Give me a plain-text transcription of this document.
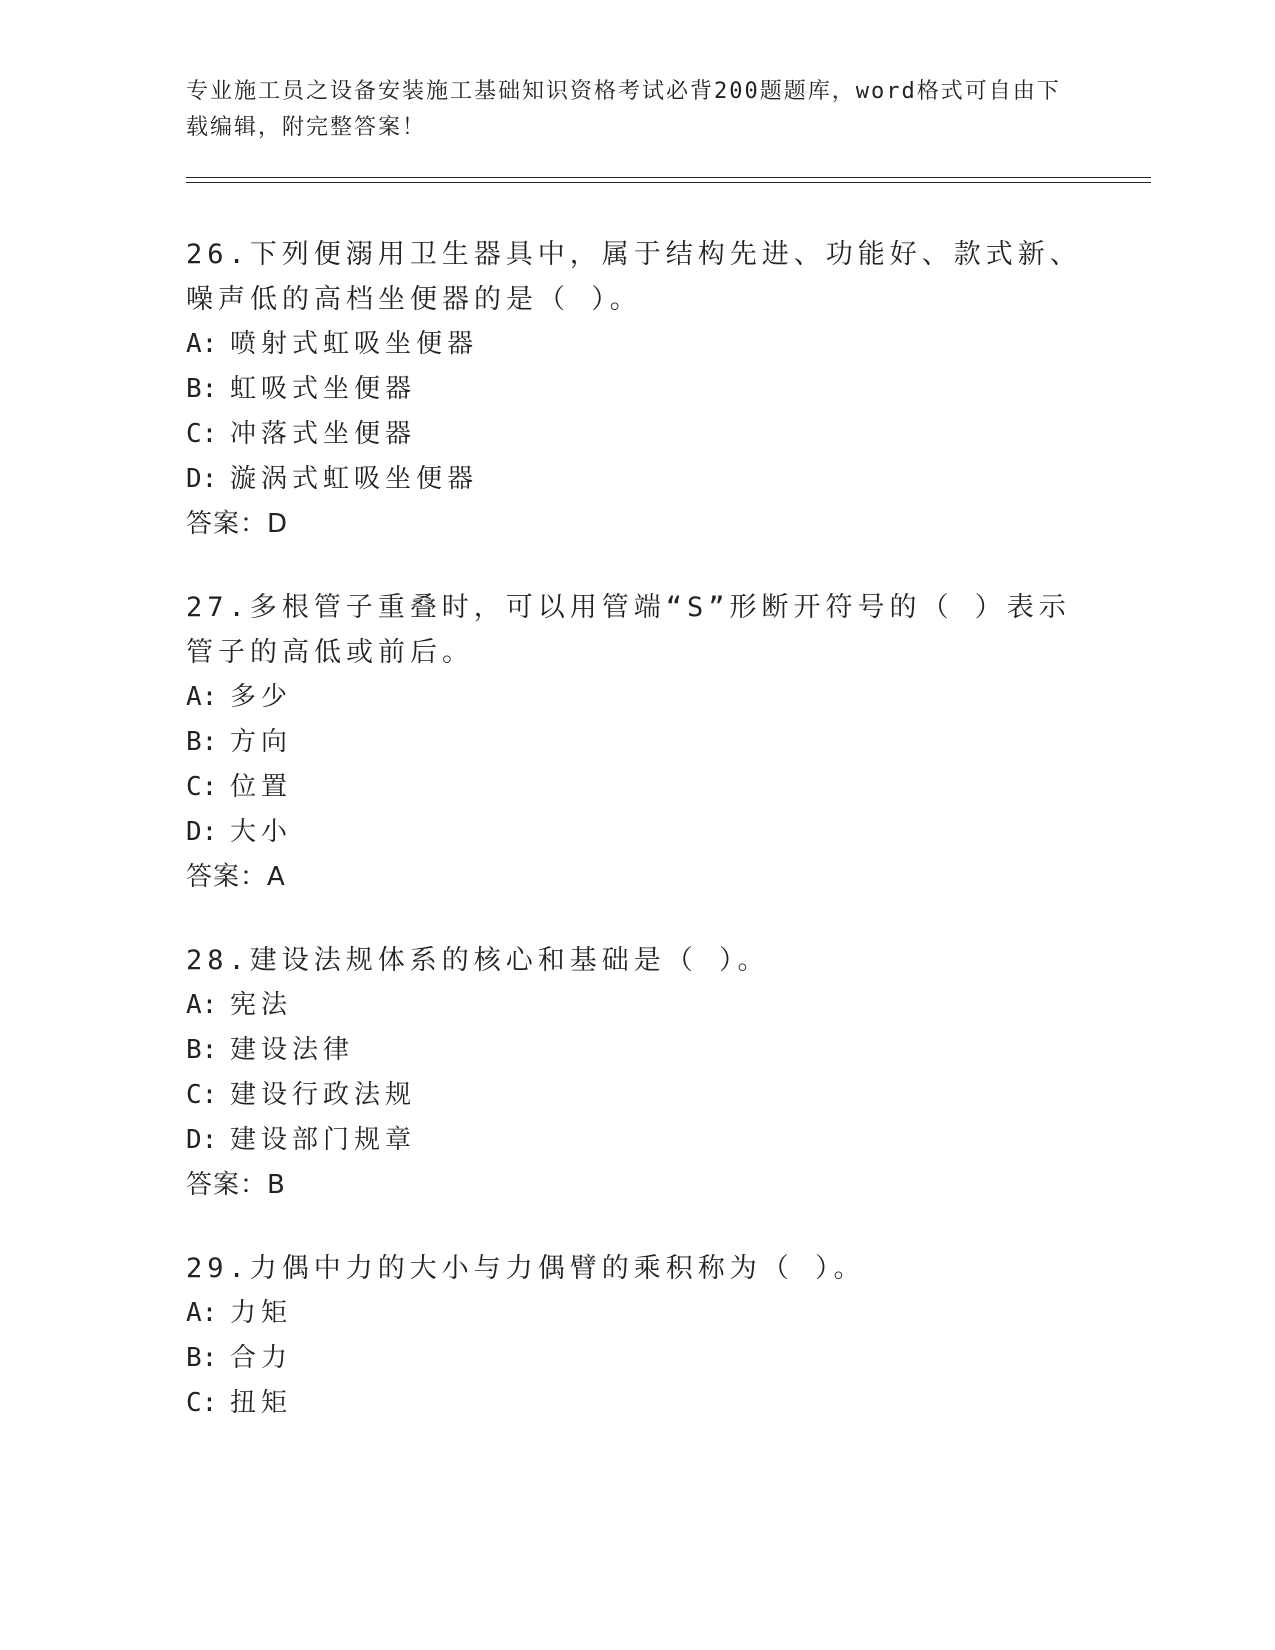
专业施工员之设备安装施工基础知识资格考试必背200题题库，word格式可自由下载编辑，附完整答案！

26.下列便溺用卫生器具中，属于结构先进、功能好、款式新、噪声低的高档坐便器的是（ ）。

A: 喷射式虹吸坐便器

B: 虹吸式坐便器

C: 冲落式坐便器

D: 漩涡式虹吸坐便器

答案：D

27.多根管子重叠时，可以用管端“S”形断开符号的（ ）表示管子的高低或前后。

A: 多少

B: 方向

C: 位置

D: 大小

答案：A

28.建设法规体系的核心和基础是（ ）。

A: 宪法

B: 建设法律

C: 建设行政法规

D: 建设部门规章

答案：B

29.力偶中力的大小与力偶臂的乘积称为（ ）。

A: 力矩

B: 合力

C: 扭矩
